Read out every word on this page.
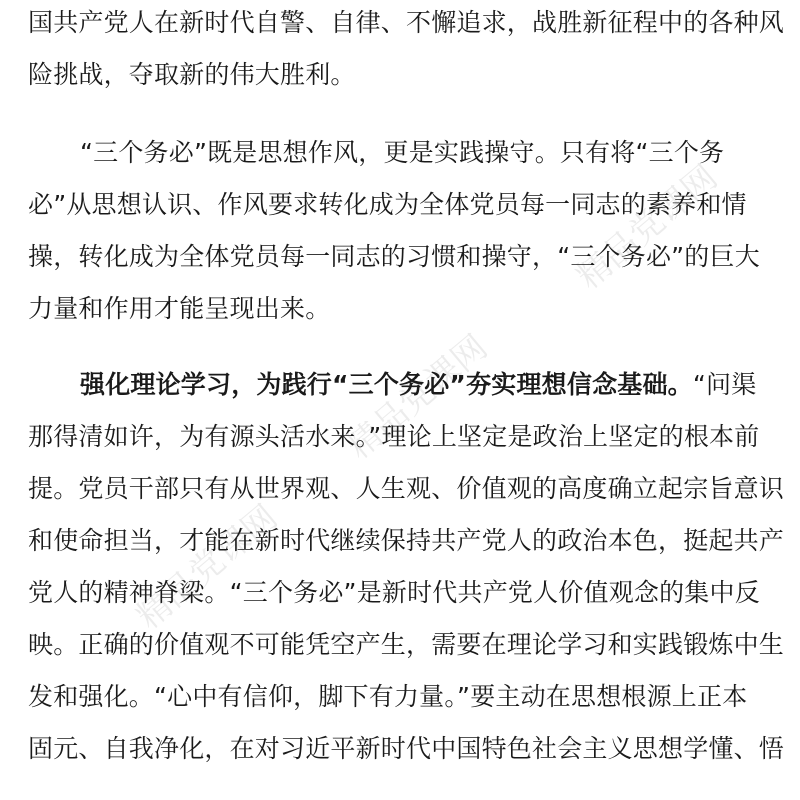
精品党课网
精品党课网
精品党课网
国共产党人在新时代自警、自律、不懈追求，战胜新征程中的各种风
险挑战，夺取新的伟大胜利。
“三个务必”既是思想作风，更是实践操守。只有将“三个务
必”从思想认识、作风要求转化成为全体党员每一同志的素养和情
操，转化成为全体党员每一同志的习惯和操守，“三个务必”的巨大
力量和作用才能呈现出来。
强化理论学习，为践行“三个务必”夯实理想信念基础。“问渠
那得清如许，为有源头活水来。”理论上坚定是政治上坚定的根本前
提。党员干部只有从世界观、人生观、价值观的高度确立起宗旨意识
和使命担当，才能在新时代继续保持共产党人的政治本色，挺起共产
党人的精神脊梁。“三个务必”是新时代共产党人价值观念的集中反
映。正确的价值观不可能凭空产生，需要在理论学习和实践锻炼中生
发和强化。“心中有信仰，脚下有力量。”要主动在思想根源上正本
固元、自我净化，在对习近平新时代中国特色社会主义思想学懂、悟
